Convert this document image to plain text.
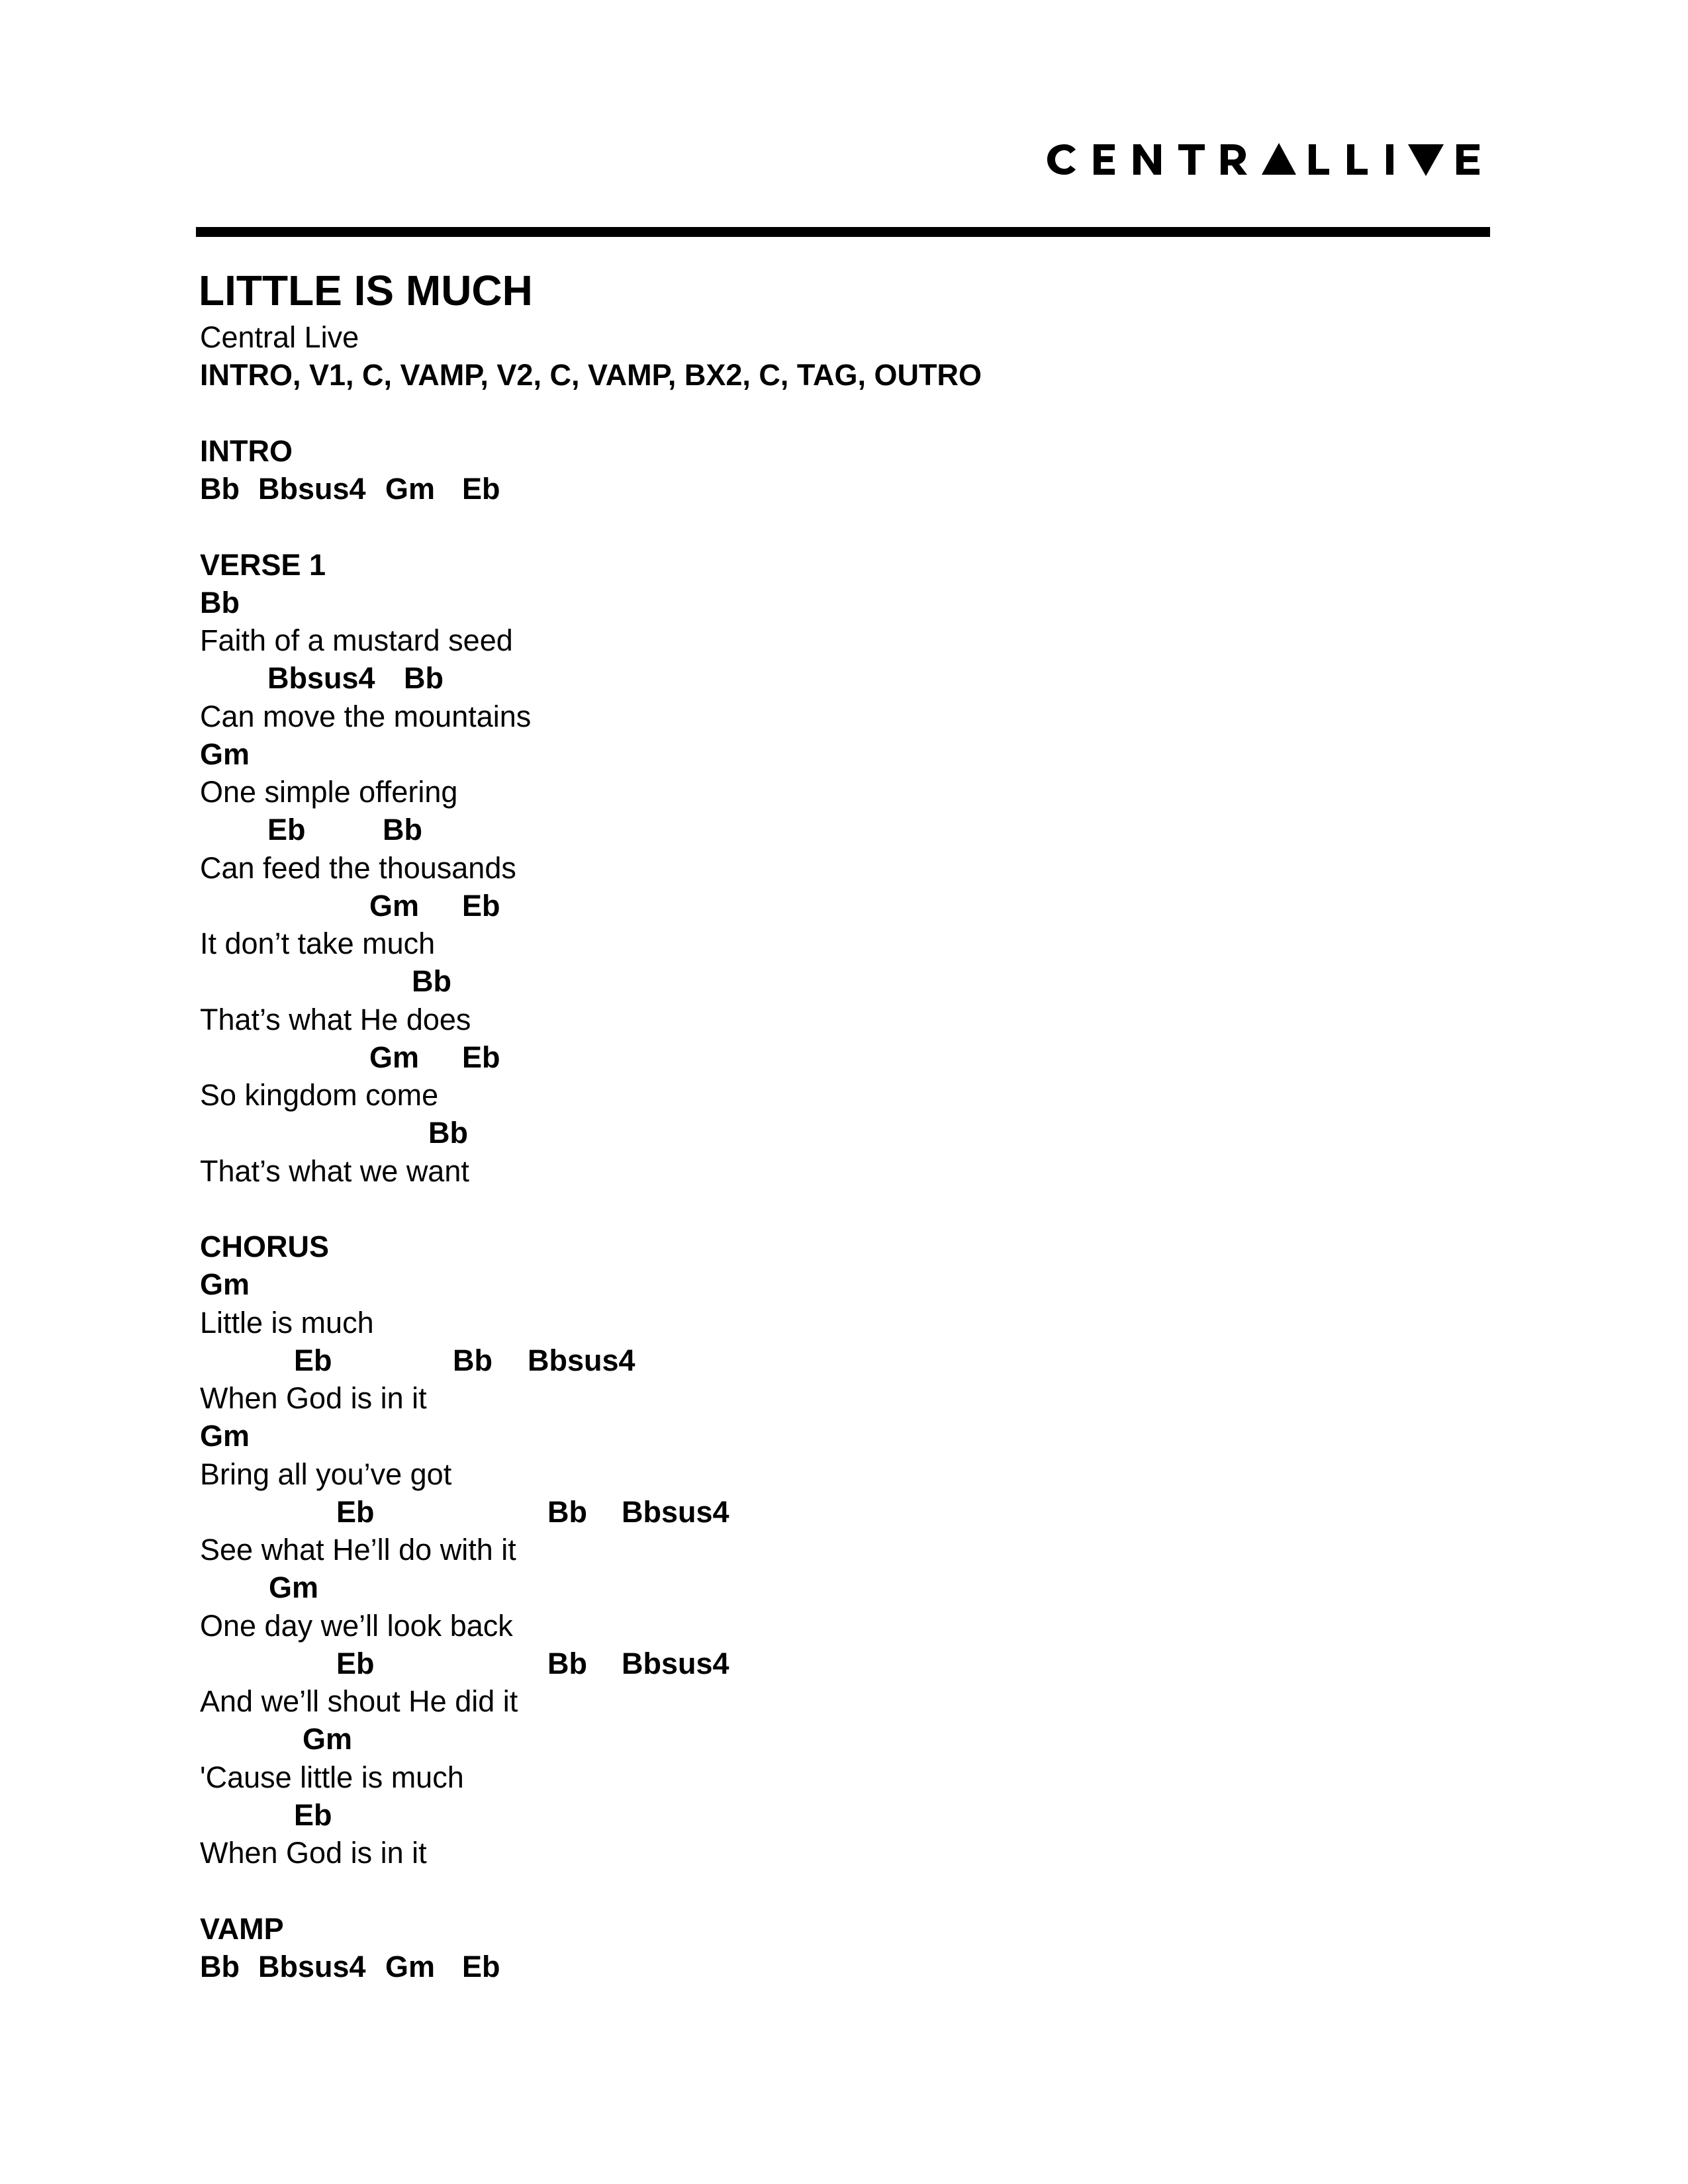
LITTLE IS MUCH
Central Live
INTRO, V1, C, VAMP, V2, C, VAMP, BX2, C, TAG, OUTRO
INTRO
Bb Bbsus4 Gm Eb
VERSE 1
Bb
Faith of a mustard seed
Bbsus4 Bb
Can move the mountains
Gm
One simple offering
Eb	Bb
Can feed the thousands
Gm Eb
It don’t take much
Bb
That’s what He does
Gm Eb
So kingdom come
Bb
That’s what we want
CHORUS
Gm
Little is much
Eb	Bb Bbsus4
When God is in it
Gm
Bring all you’ve got
Eb	Bb Bbsus4
See what He’ll do with it
Gm
One day we’ll look back
Eb	Bb Bbsus4
And we’ll shout He did it
Gm
'Cause little is much
Eb
When God is in it
VAMP
Bb Bbsus4 Gm Eb
